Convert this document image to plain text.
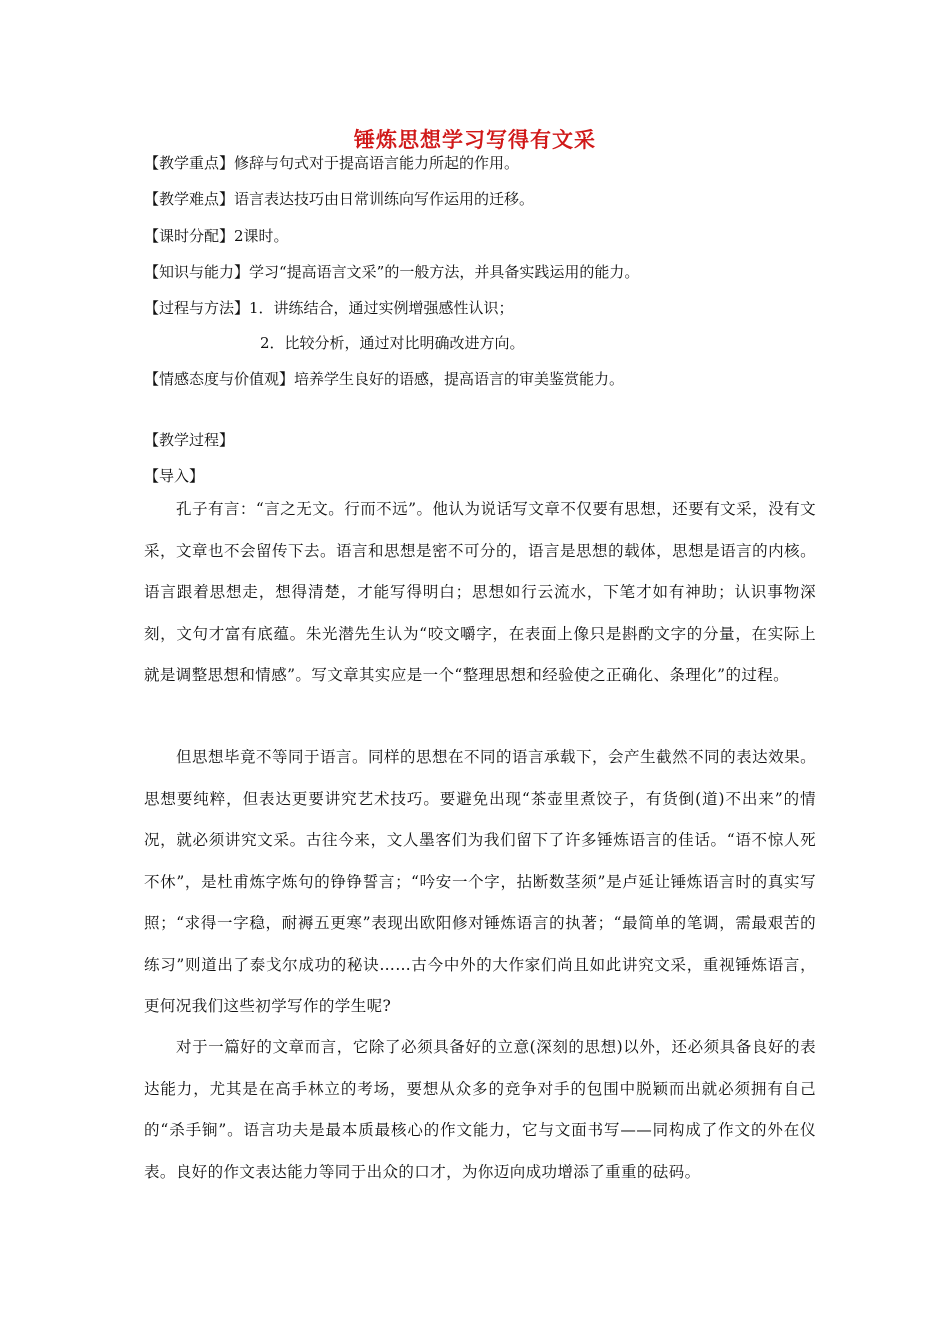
锤炼思想学习写得有文采
【教学重点】修辞与句式对于提高语言能力所起的作用。
【教学难点】语言表达技巧由日常训练向写作运用的迁移。
【课时分配】2课时。
【知识与能力】学习“提高语言文采”的一般方法，并具备实践运用的能力。
【过程与方法】1．讲练结合，通过实例增强感性认识；
2．比较分析，通过对比明确改进方向。
【情感态度与价值观】培养学生良好的语感，提高语言的审美鉴赏能力。
【教学过程】
【导入】
孔子有言：“言之无文。行而不远”。他认为说话写文章不仅要有思想，还要有文采，没有文采，文章也不会留传下去。语言和思想是密不可分的，语言是思想的载体，思想是语言的内核。语言跟着思想走，想得清楚，才能写得明白；思想如行云流水，下笔才如有神助；认识事物深刻，文句才富有底蕴。朱光潜先生认为“咬文嚼字，在表面上像只是斟酌文字的分量，在实际上就是调整思想和情感”。写文章其实应是一个“整理思想和经验使之正确化、条理化”的过程。
但思想毕竟不等同于语言。同样的思想在不同的语言承载下，会产生截然不同的表达效果。思想要纯粹，但表达更要讲究艺术技巧。要避免出现“茶壶里煮饺子，有货倒(道)不出来”的情况，就必须讲究文采。古往今来，文人墨客们为我们留下了许多锤炼语言的佳话。“语不惊人死不休”，是杜甫炼字炼句的铮铮誓言；“吟安一个字，拈断数茎须”是卢延让锤炼语言时的真实写照；“求得一字稳，耐褥五更寒”表现出欧阳修对锤炼语言的执著；“最简单的笔调，需最艰苦的练习”则道出了泰戈尔成功的秘诀……古今中外的大作家们尚且如此讲究文采，重视锤炼语言，更何况我们这些初学写作的学生呢?
对于一篇好的文章而言，它除了必须具备好的立意(深刻的思想)以外，还必须具备良好的表达能力，尤其是在高手林立的考场，要想从众多的竞争对手的包围中脱颖而出就必须拥有自己的“杀手锏”。语言功夫是最本质最核心的作文能力，它与文面书写——同构成了作文的外在仪表。良好的作文表达能力等同于出众的口才，为你迈向成功增添了重重的砝码。
